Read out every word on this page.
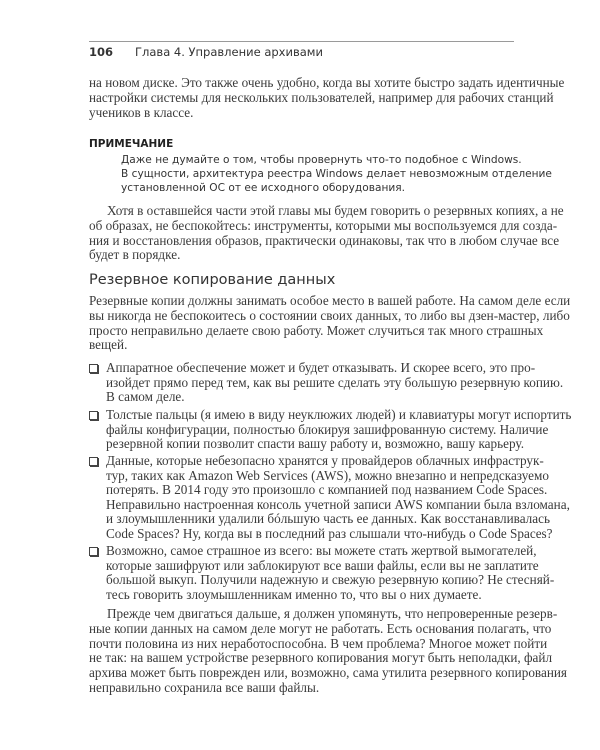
106 Глава 4. Управление архивами
на новом диске. Это также очень удобно, когда вы хотите быстро задать идентичные
настройки системы для нескольких пользователей, например для рабочих станций
учеников в классе.
ПРИМЕЧАНИЕ
Даже не думайте о том, чтобы провернуть что-то подобное с Windows.
В сущности, архитектура реестра Windows делает невозможным отделение
установленной ОС от ее исходного оборудования.
Хотя в оставшейся части этой главы мы будем говорить о резервных копиях, а не
об образах, не беспокойтесь: инструменты, которыми мы воспользуемся для созда-
ния и восстановления образов, практически одинаковы, так что в любом случае все
будет в порядке.
Резервное копирование данных
Резервные копии должны занимать особое место в вашей работе. На самом деле если
вы никогда не беспокоитесь о состоянии своих данных, то либо вы дзен-мастер, либо
просто неправильно делаете свою работу. Может случиться так много страшных
вещей.
Аппаратное обеспечение может и будет отказывать. И скорее всего, это про-
изойдет прямо перед тем, как вы решите сделать эту большую резервную копию.
В самом деле.
Толстые пальцы (я имею в виду неуклюжих людей) и клавиатуры могут испортить
файлы конфигурации, полностью блокируя зашифрованную систему. Наличие
резервной копии позволит спасти вашу работу и, возможно, вашу карьеру.
Данные, которые небезопасно хранятся у провайдеров облачных инфраструк-
тур, таких как Amazon Web Services (AWS), можно внезапно и непредсказуемо
потерять. В 2014 году это произошло с компанией под названием Code Spaces.
Неправильно настроенная консоль учетной записи AWS компании была взломана,
и злоумышленники удалили бóльшую часть ее данных. Как восстанавливалась
Code Spaces? Ну, когда вы в последний раз слышали что-нибудь о Code Spaces?
Возможно, самое страшное из всего: вы можете стать жертвой вымогателей,
которые зашифруют или заблокируют все ваши файлы, если вы не заплатите
большой выкуп. Получили надежную и свежую резервную копию? Не стесняй-
тесь говорить злоумышленникам именно то, что вы о них думаете.
Прежде чем двигаться дальше, я должен упомянуть, что непроверенные резерв-
ные копии данных на самом деле могут не работать. Есть основания полагать, что
почти половина из них неработоспособна. В чем проблема? Многое может пойти
не так: на вашем устройстве резервного копирования могут быть неполадки, файл
архива может быть поврежден или, возможно, сама утилита резервного копирования
неправильно сохранила все ваши файлы.
